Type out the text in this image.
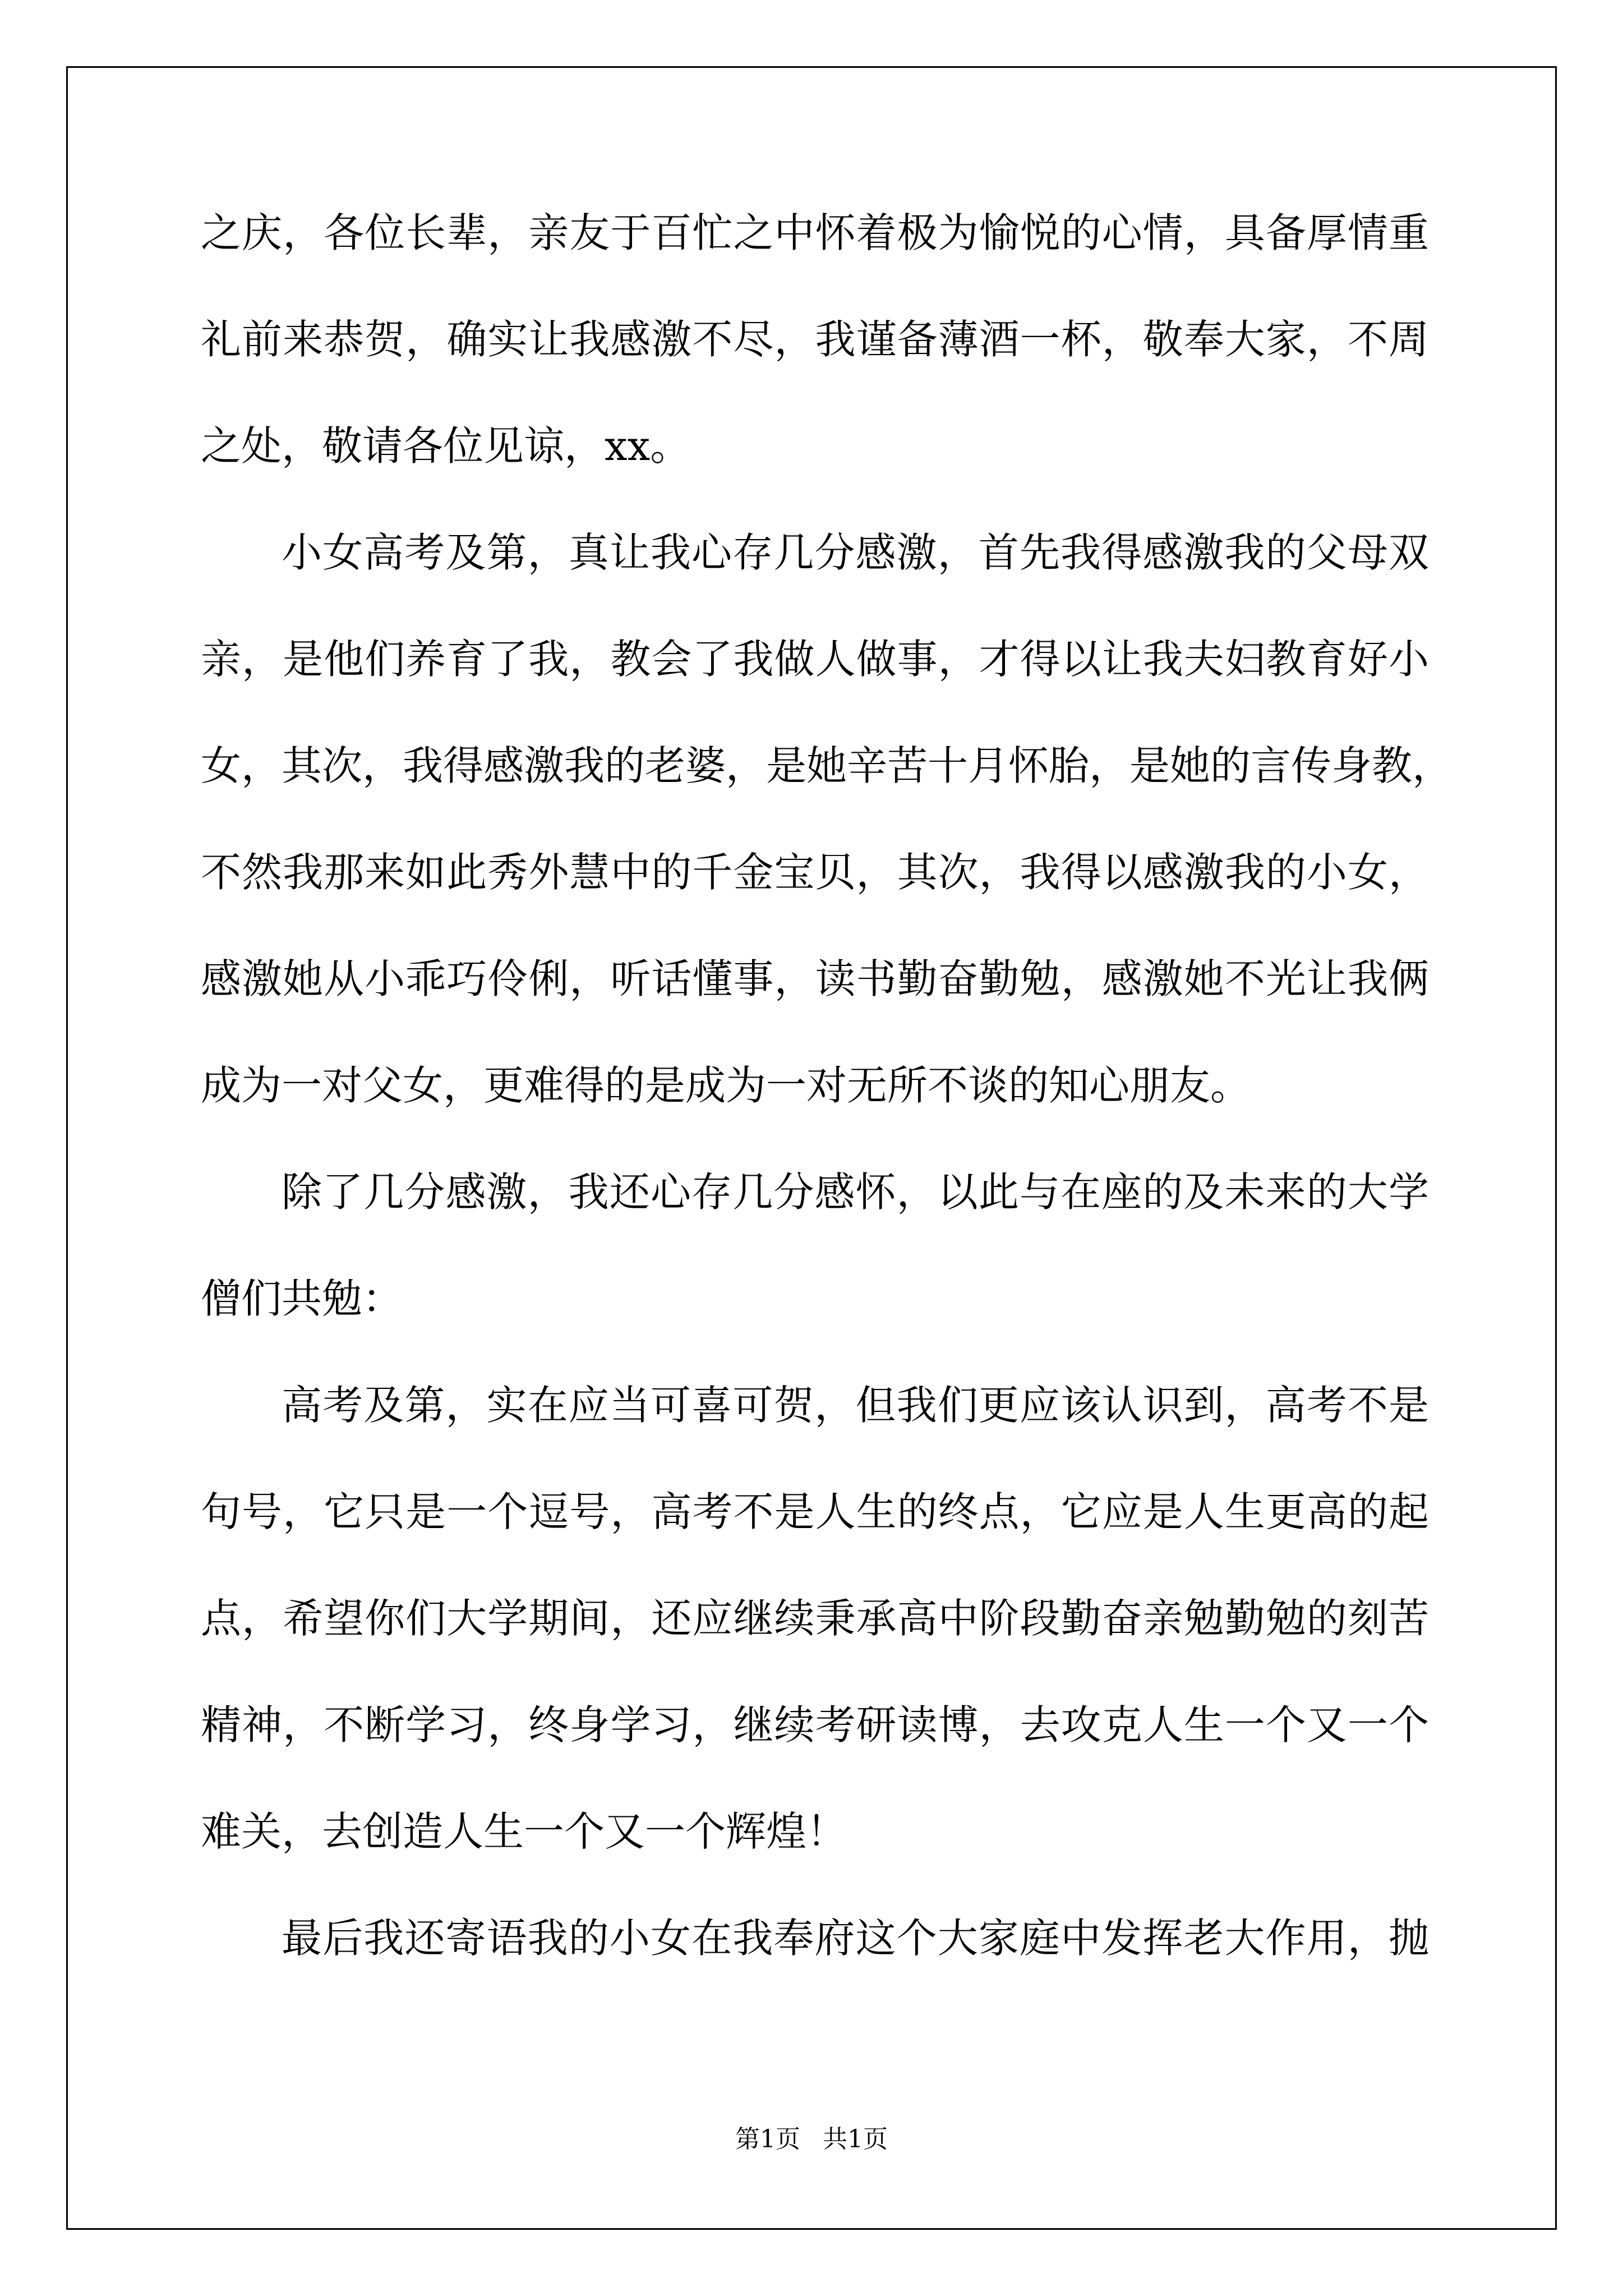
之庆，各位长辈，亲友于百忙之中怀着极为愉悦的心情，具备厚情重
礼前来恭贺，确实让我感激不尽，我谨备薄酒一杯，敬奉大家，不周
之处，敬请各位见谅，xx。
小女高考及第，真让我心存几分感激，首先我得感激我的父母双
亲，是他们养育了我，教会了我做人做事，才得以让我夫妇教育好小
女，其次，我得感激我的老婆，是她辛苦十月怀胎，是她的言传身教，
不然我那来如此秀外慧中的千金宝贝，其次，我得以感激我的小女，
感激她从小乖巧伶俐，听话懂事，读书勤奋勤勉，感激她不光让我俩
成为一对父女，更难得的是成为一对无所不谈的知心朋友。
除了几分感激，我还心存几分感怀，以此与在座的及未来的大学
僧们共勉：
高考及第，实在应当可喜可贺，但我们更应该认识到，高考不是
句号，它只是一个逗号，高考不是人生的终点，它应是人生更高的起
点，希望你们大学期间，还应继续秉承高中阶段勤奋亲勉勤勉的刻苦
精神，不断学习，终身学习，继续考研读博，去攻克人生一个又一个
难关，去创造人生一个又一个辉煌！
最后我还寄语我的小女在我奉府这个大家庭中发挥老大作用，抛
第1页 共1页
